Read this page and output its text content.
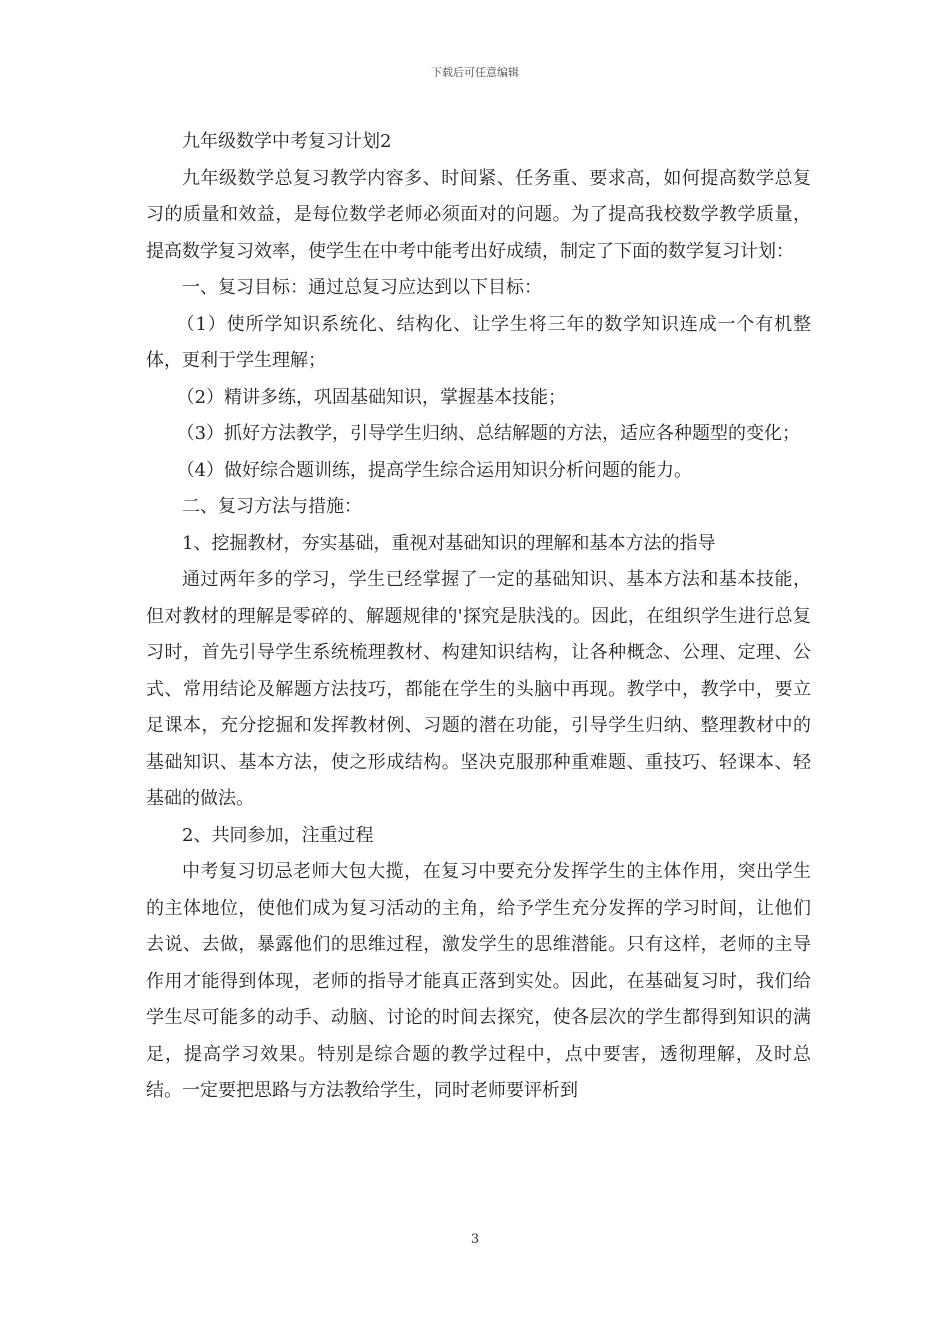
下载后可任意编辑

九年级数学中考复习计划2

九年级数学总复习教学内容多、时间紧、任务重、要求高，如何提高数学总复习的质量和效益，是每位数学老师必须面对的问题。为了提高我校数学教学质量，提高数学复习效率，使学生在中考中能考出好成绩，制定了下面的数学复习计划：

一、复习目标：通过总复习应达到以下目标：

（1）使所学知识系统化、结构化、让学生将三年的数学知识连成一个有机整体，更利于学生理解；

（2）精讲多练，巩固基础知识，掌握基本技能；

（3）抓好方法教学，引导学生归纳、总结解题的方法，适应各种题型的变化；

（4）做好综合题训练，提高学生综合运用知识分析问题的能力。

二、复习方法与措施：

1、挖掘教材，夯实基础，重视对基础知识的理解和基本方法的指导

通过两年多的学习，学生已经掌握了一定的基础知识、基本方法和基本技能，但对教材的理解是零碎的、解题规律的'探究是肤浅的。因此，在组织学生进行总复习时，首先引导学生系统梳理教材、构建知识结构，让各种概念、公理、定理、公式、常用结论及解题方法技巧，都能在学生的头脑中再现。教学中，教学中，要立足课本，充分挖掘和发挥教材例、习题的潜在功能，引导学生归纳、整理教材中的基础知识、基本方法，使之形成结构。坚决克服那种重难题、重技巧、轻课本、轻基础的做法。

2、共同参加，注重过程

中考复习切忌老师大包大揽，在复习中要充分发挥学生的主体作用，突出学生的主体地位，使他们成为复习活动的主角，给予学生充分发挥的学习时间，让他们去说、去做，暴露他们的思维过程，激发学生的思维潜能。只有这样，老师的主导作用才能得到体现，老师的指导才能真正落到实处。因此，在基础复习时，我们给学生尽可能多的动手、动脑、讨论的时间去探究，使各层次的学生都得到知识的满足，提高学习效果。特别是综合题的教学过程中，点中要害，透彻理解，及时总结。一定要把思路与方法教给学生，同时老师要评析到

3
